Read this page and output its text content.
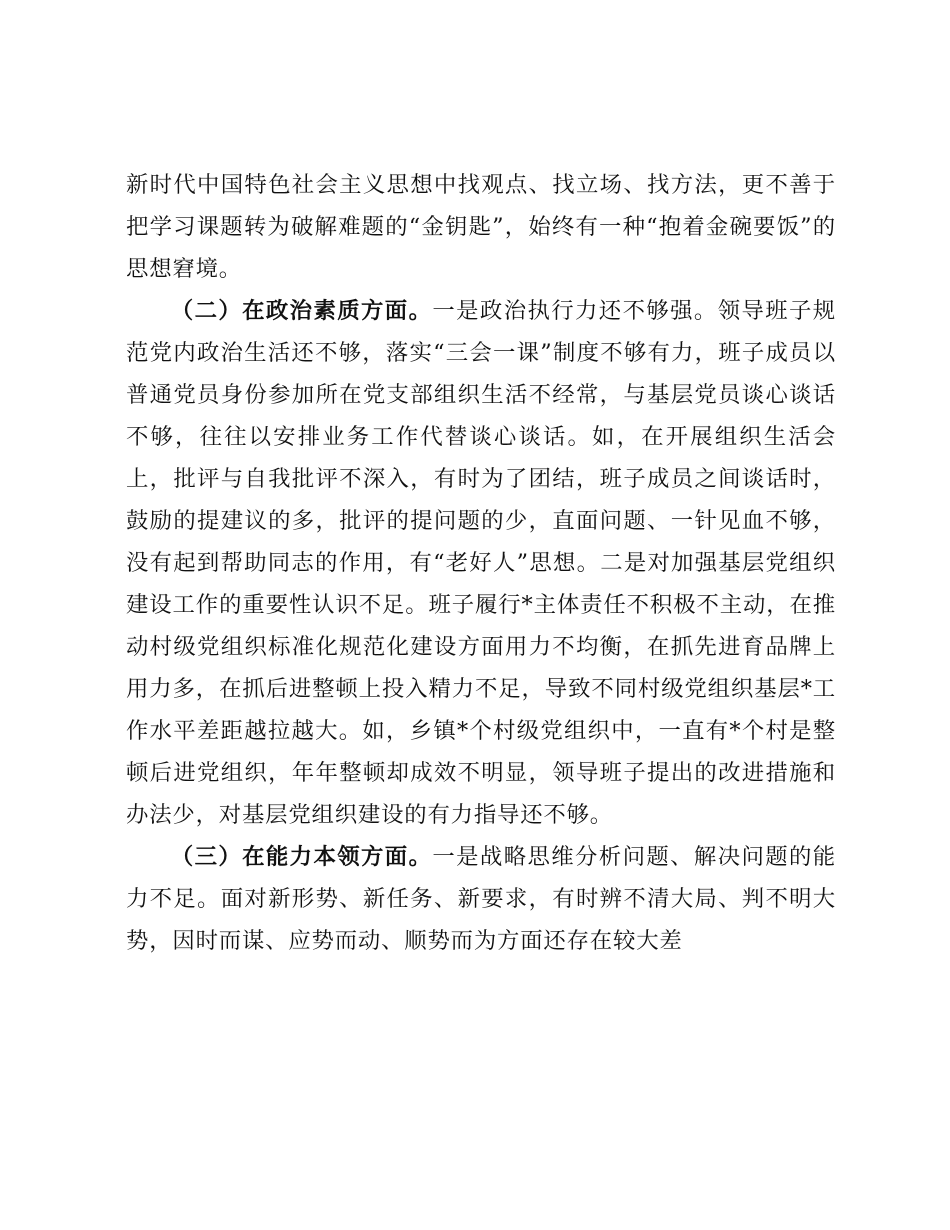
新时代中国特色社会主义思想中找观点、找立场、找方法，更不善于把学习课题转为破解难题的“金钥匙”，始终有一种“抱着金碗要饭”的思想窘境。

（二）在政治素质方面。一是政治执行力还不够强。领导班子规范党内政治生活还不够，落实“三会一课”制度不够有力，班子成员以普通党员身份参加所在党支部组织生活不经常，与基层党员谈心谈话不够，往往以安排业务工作代替谈心谈话。如，在开展组织生活会上，批评与自我批评不深入，有时为了团结，班子成员之间谈话时，鼓励的提建议的多，批评的提问题的少，直面问题、一针见血不够，没有起到帮助同志的作用，有“老好人”思想。二是对加强基层党组织建设工作的重要性认识不足。班子履行*主体责任不积极不主动，在推动村级党组织标准化规范化建设方面用力不均衡，在抓先进育品牌上用力多，在抓后进整顿上投入精力不足，导致不同村级党组织基层*工作水平差距越拉越大。如，乡镇*个村级党组织中，一直有*个村是整顿后进党组织，年年整顿却成效不明显，领导班子提出的改进措施和办法少，对基层党组织建设的有力指导还不够。

（三）在能力本领方面。一是战略思维分析问题、解决问题的能力不足。面对新形势、新任务、新要求，有时辨不清大局、判不明大势，因时而谋、应势而动、顺势而为方面还存在较大差
